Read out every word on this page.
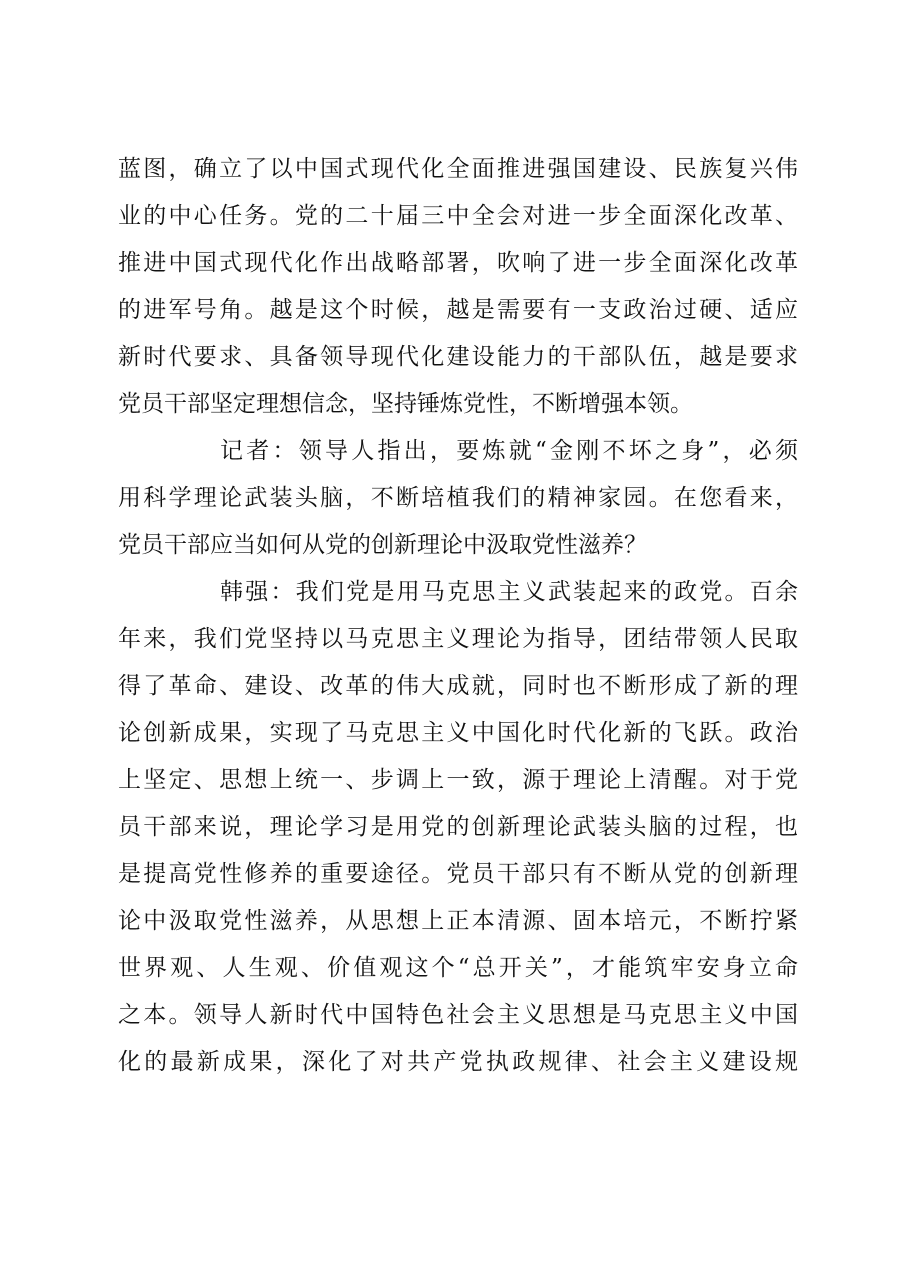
蓝图，确立了以中国式现代化全面推进强国建设、民族复兴伟
业的中心任务。党的二十届三中全会对进一步全面深化改革、
推进中国式现代化作出战略部署，吹响了进一步全面深化改革
的进军号角。越是这个时候，越是需要有一支政治过硬、适应
新时代要求、具备领导现代化建设能力的干部队伍，越是要求
党员干部坚定理想信念，坚持锤炼党性，不断增强本领。
记者：领导人指出，要炼就“金刚不坏之身”，必须
用科学理论武装头脑，不断培植我们的精神家园。在您看来，
党员干部应当如何从党的创新理论中汲取党性滋养？
韩强：我们党是用马克思主义武装起来的政党。百余
年来，我们党坚持以马克思主义理论为指导，团结带领人民取
得了革命、建设、改革的伟大成就，同时也不断形成了新的理
论创新成果，实现了马克思主义中国化时代化新的飞跃。政治
上坚定、思想上统一、步调上一致，源于理论上清醒。对于党
员干部来说，理论学习是用党的创新理论武装头脑的过程，也
是提高党性修养的重要途径。党员干部只有不断从党的创新理
论中汲取党性滋养，从思想上正本清源、固本培元，不断拧紧
世界观、人生观、价值观这个“总开关”，才能筑牢安身立命
之本。领导人新时代中国特色社会主义思想是马克思主义中国
化的最新成果，深化了对共产党执政规律、社会主义建设规
